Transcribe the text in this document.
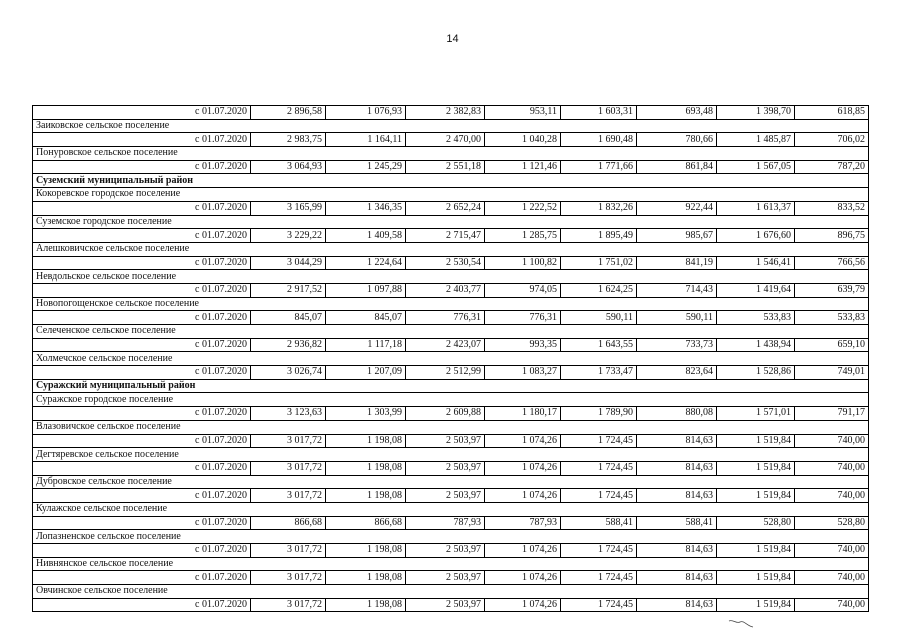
14
с 01.07.2020	2 896,58	1 076,93	2 382,83	953,11	1 603,31	693,48	1 398,70	618,85
Заиковское сельское поселение								
с 01.07.2020	2 983,75	1 164,11	2 470,00	1 040,28	1 690,48	780,66	1 485,87	706,02
Понуровское сельское поселение								
с 01.07.2020	3 064,93	1 245,29	2 551,18	1 121,46	1 771,66	861,84	1 567,05	787,20
Суземский муниципальный район								
Кокоревское городское поселение								
с 01.07.2020	3 165,99	1 346,35	2 652,24	1 222,52	1 832,26	922,44	1 613,37	833,52
Суземское городское поселение								
с 01.07.2020	3 229,22	1 409,58	2 715,47	1 285,75	1 895,49	985,67	1 676,60	896,75
Алешковичское сельское поселение								
с 01.07.2020	3 044,29	1 224,64	2 530,54	1 100,82	1 751,02	841,19	1 546,41	766,56
Невдольское сельское поселение								
с 01.07.2020	2 917,52	1 097,88	2 403,77	974,05	1 624,25	714,43	1 419,64	639,79
Новопогощенское сельское поселение								
с 01.07.2020	845,07	845,07	776,31	776,31	590,11	590,11	533,83	533,83
Селеченское сельское поселение								
с 01.07.2020	2 936,82	1 117,18	2 423,07	993,35	1 643,55	733,73	1 438,94	659,10
Холмечское сельское поселение								
с 01.07.2020	3 026,74	1 207,09	2 512,99	1 083,27	1 733,47	823,64	1 528,86	749,01
Суражский муниципальный район								
Суражское городское поселение								
с 01.07.2020	3 123,63	1 303,99	2 609,88	1 180,17	1 789,90	880,08	1 571,01	791,17
Влазовичское сельское поселение								
с 01.07.2020	3 017,72	1 198,08	2 503,97	1 074,26	1 724,45	814,63	1 519,84	740,00
Дегтяревское сельское поселение								
с 01.07.2020	3 017,72	1 198,08	2 503,97	1 074,26	1 724,45	814,63	1 519,84	740,00
Дубровское сельское поселение								
с 01.07.2020	3 017,72	1 198,08	2 503,97	1 074,26	1 724,45	814,63	1 519,84	740,00
Кулажское сельское поселение								
с 01.07.2020	866,68	866,68	787,93	787,93	588,41	588,41	528,80	528,80
Лопазненское сельское поселение								
с 01.07.2020	3 017,72	1 198,08	2 503,97	1 074,26	1 724,45	814,63	1 519,84	740,00
Нивнянское сельское поселение								
с 01.07.2020	3 017,72	1 198,08	2 503,97	1 074,26	1 724,45	814,63	1 519,84	740,00
Овчинское сельское поселение								
с 01.07.2020	3 017,72	1 198,08	2 503,97	1 074,26	1 724,45	814,63	1 519,84	740,00
